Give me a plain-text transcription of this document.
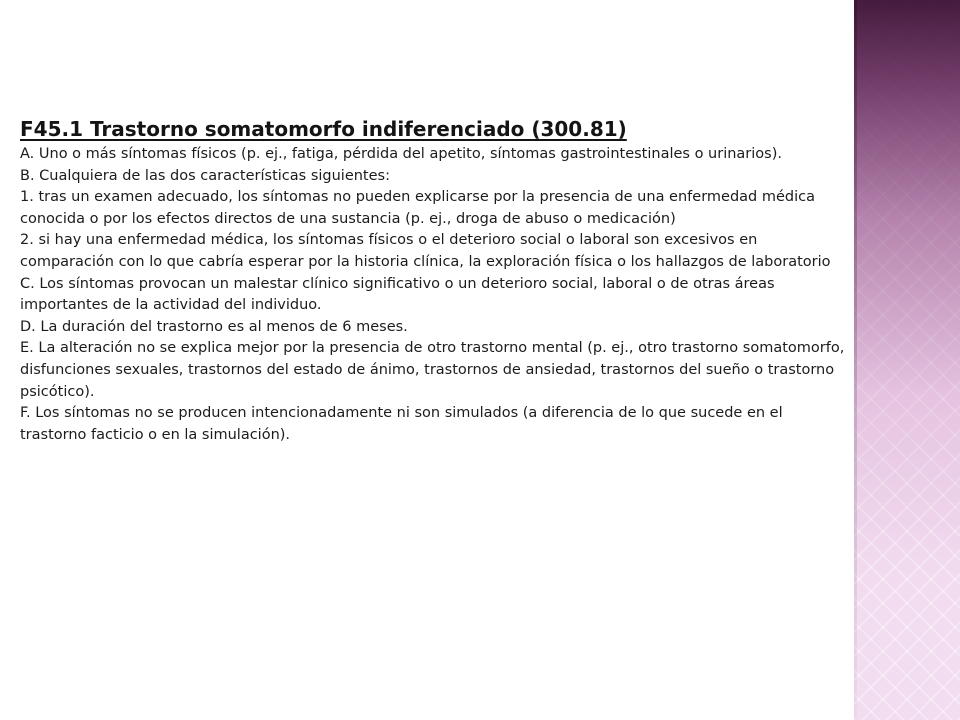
F45.1 Trastorno somatomorfo indiferenciado (300.81)

A. Uno o más síntomas físicos (p. ej., fatiga, pérdida del apetito, síntomas gastrointestinales o urinarios).

B. Cualquiera de las dos características siguientes:

1. tras un examen adecuado, los síntomas no pueden explicarse por la presencia de una enfermedad médica conocida o por los efectos directos de una sustancia (p. ej., droga de abuso o medicación)

2. si hay una enfermedad médica, los síntomas físicos o el deterioro social o laboral son excesivos en comparación con lo que cabría esperar por la historia clínica, la exploración física o los hallazgos de laboratorio

C. Los síntomas provocan un malestar clínico significativo o un deterioro social, laboral o de otras áreas importantes de la actividad del individuo.

D. La duración del trastorno es al menos de 6 meses.

E. La alteración no se explica mejor por la presencia de otro trastorno mental (p. ej., otro trastorno somatomorfo, disfunciones sexuales, trastornos del estado de ánimo, trastornos de ansiedad, trastornos del sueño o trastorno psicótico).

F. Los síntomas no se producen intencionadamente ni son simulados (a diferencia de lo que sucede en el trastorno facticio o en la simulación).
